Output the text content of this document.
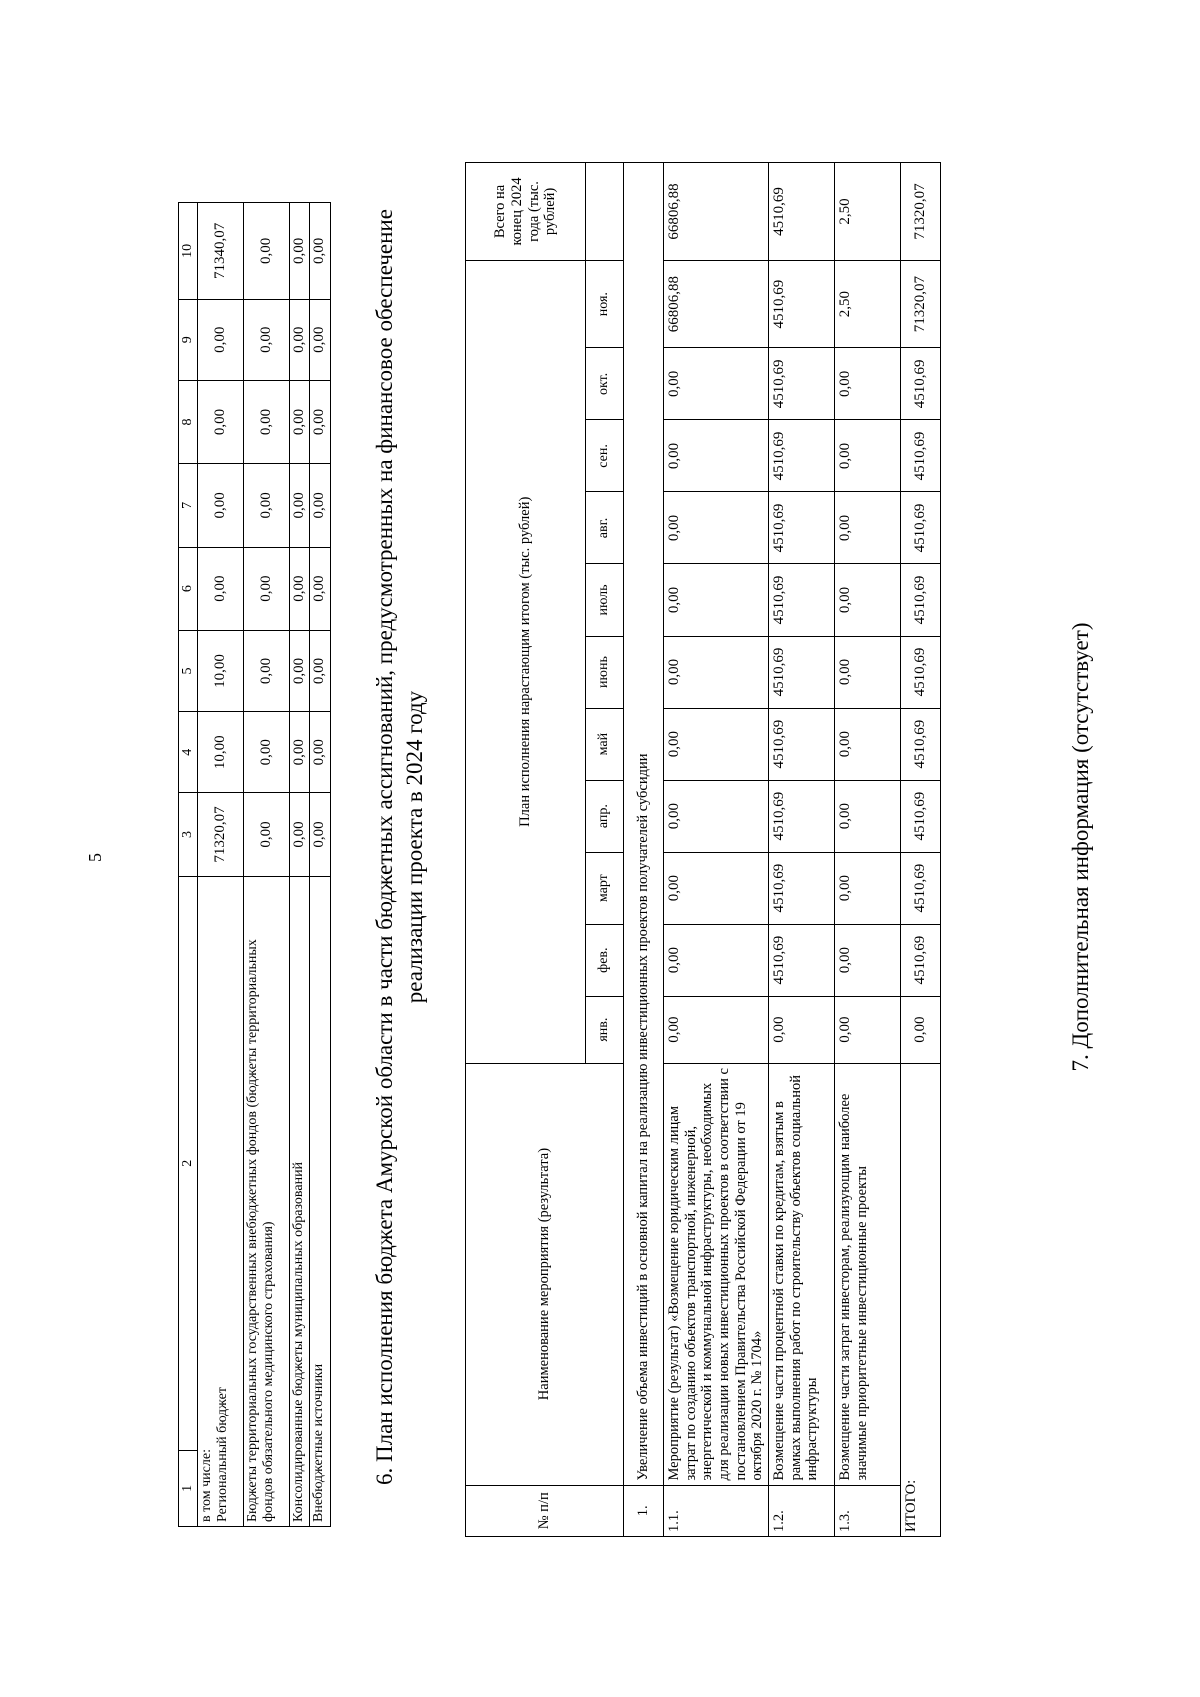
5
1	2	3	4	5	6	7	8	9	10

в том числе: Региональный бюджет		71320,07	10,00	10,00	0,00	0,00	0,00	0,00	71340,07

Бюджеты территориальных государственных внебюджетных фондов (бюджеты территориальных фондов обязательного медицинского страхования)		0,00	0,00	0,00	0,00	0,00	0,00	0,00	0,00

Консолидированные бюджеты муниципальных образований		0,00	0,00	0,00	0,00	0,00	0,00	0,00	0,00

Внебюджетные источники		0,00	0,00	0,00	0,00	0,00	0,00	0,00	0,00 6. План исполнения бюджета Амурской области в части бюджетных ассигнований, предусмотренных на финансовое обеспечение реализации проекта в 2024 году
№ п/п	Наименование мероприятия (результата)	План исполнения нарастающим итогом (тыс. рублей)											Всего на конец 2024 года (тыс. рублей)
		янв.	фев.	март	апр.	май	июнь	июль	авг.	сен.	окт.	ноя.	
1.	Увеличение объема инвестиций в основной капитал на реализацию инвестиционных проектов получателей субсидии												
1.1.	Мероприятие (результат) «Возмещение юридическим лицам затрат по созданию объектов транспортной, инженерной, энергетической и коммунальной инфраструктуры, необходимых для реализации новых инвестиционных проектов в соответствии с постановлением Правительства Российской Федерации от 19 октября 2020 г. № 1704»	0,00	0,00	0,00	0,00	0,00	0,00	0,00	0,00	0,00	0,00	66806,88	66806,88
1.2.	Возмещение части процентной ставки по кредитам, взятым в рамках выполнения работ по строительству объектов социальной инфраструктуры	0,00	4510,69	4510,69	4510,69	4510,69	4510,69	4510,69	4510,69	4510,69	4510,69	4510,69	4510,69
1.3.	Возмещение части затрат инвесторам, реализующим наиболее значимые приоритетные инвестиционные проекты	0,00	0,00	0,00	0,00	0,00	0,00	0,00	0,00	0,00	0,00	2,50	2,50
ИТОГО:		0,00	4510,69	4510,69	4510,69	4510,69	4510,69	4510,69	4510,69	4510,69	4510,69	71320,07	71320,07
7. Дополнительная информация (отсутствует)
